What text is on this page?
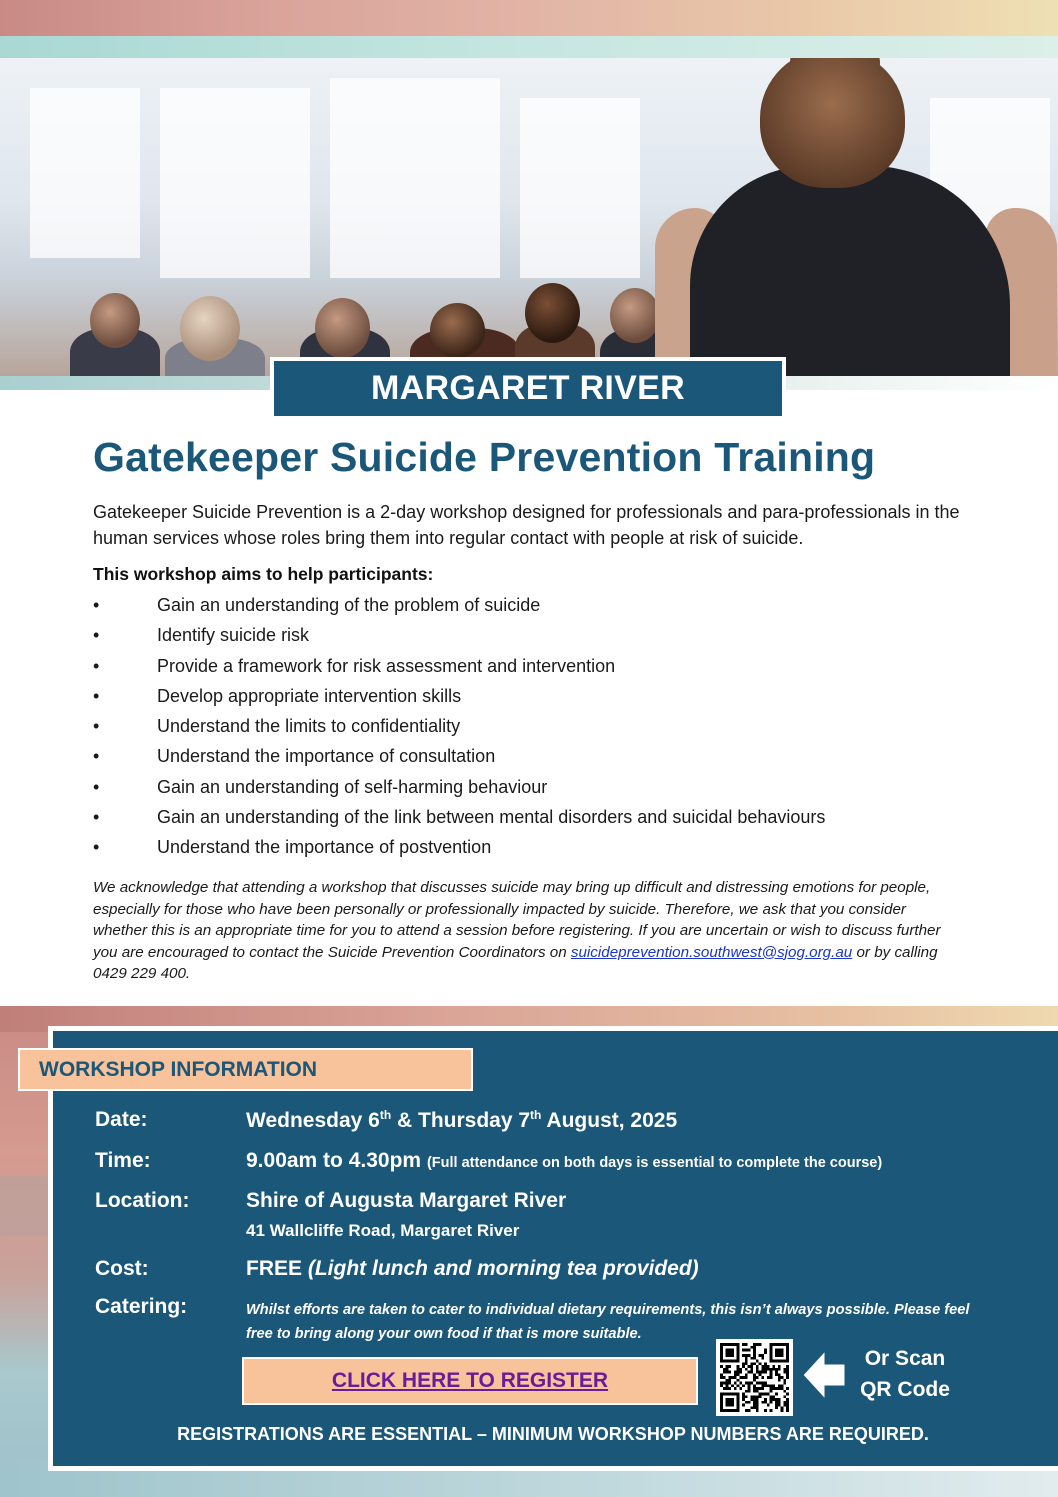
MARGARET RIVER
Gatekeeper Suicide Prevention Training
Gatekeeper Suicide Prevention is a 2-day workshop designed for professionals and para-professionals in the
human services whose roles bring them into regular contact with people at risk of suicide.
This workshop aims to help participants:
•	Gain an understanding of the problem of suicide
•	Identify suicide risk
•	Provide a framework for risk assessment and intervention
•	Develop appropriate intervention skills
•	Understand the limits to confidentiality
•	Understand the importance of consultation
•	Gain an understanding of self-harming behaviour
•	Gain an understanding of the link between mental disorders and suicidal behaviours
•	Understand the importance of postvention
We acknowledge that attending a workshop that discusses suicide may bring up difficult and distressing emotions for people,
especially for those who have been personally or professionally impacted by suicide. Therefore, we ask that you consider
whether this is an appropriate time for you to attend a session before registering. If you are uncertain or wish to discuss further
you are encouraged to contact the Suicide Prevention Coordinators on suicideprevention.southwest@sjog.org.au or by calling
0429 229 400.
WORKSHOP INFORMATION
Date:	Wednesday 6th & Thursday 7th August, 2025
Time:	9.00am to 4.30pm (Full attendance on both days is essential to complete the course)
Location:	Shire of Augusta Margaret River
41 Wallcliffe Road, Margaret River
Cost:	FREE (Light lunch and morning tea provided)
Catering:	Whilst efforts are taken to cater to individual dietary requirements, this isn’t always possible. Please feel
free to bring along your own food if that is more suitable.
CLICK HERE TO REGISTER
Or Scan
QR Code
REGISTRATIONS ARE ESSENTIAL – MINIMUM WORKSHOP NUMBERS ARE REQUIRED.
